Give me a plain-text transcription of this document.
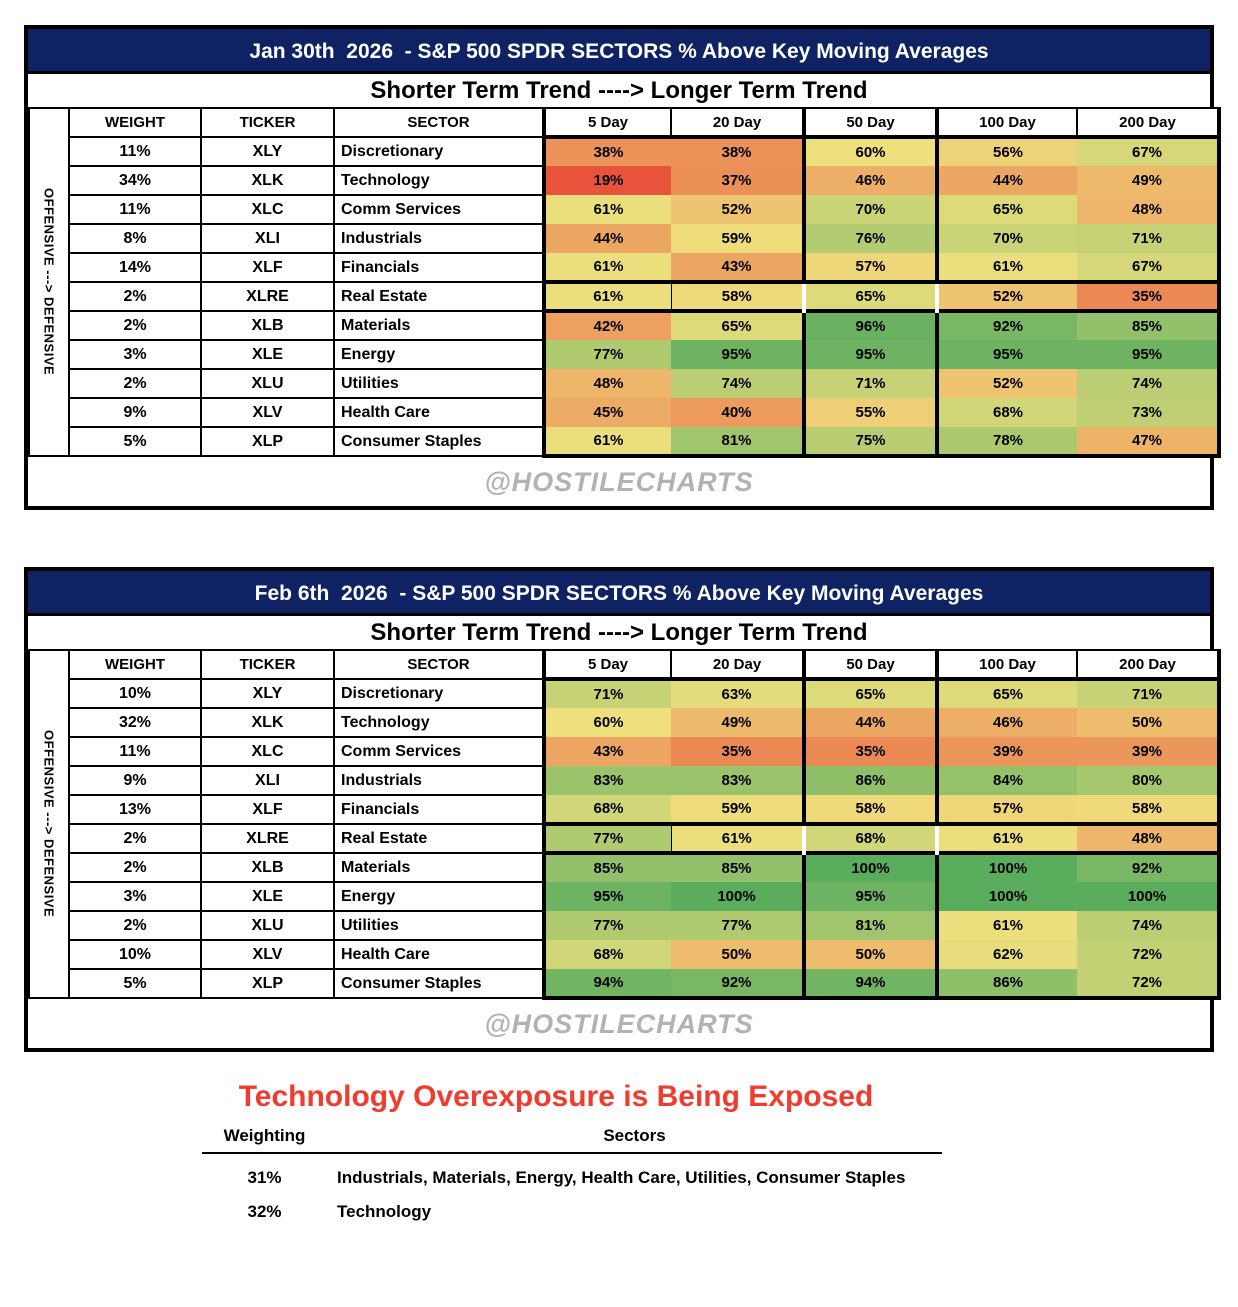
Jan 30th  2026  - S&P 500 SPDR SECTORS % Above Key Moving Averages
Shorter Term Trend ----> Longer Term Trend
OFFENSIVE ---> DEFENSIVE	WEIGHT	TICKER	SECTOR	5 Day	20 Day	50 Day	100 Day	200 Day
	11%	XLY	Discretionary	38%	38%	60%	56%	67%
	34%	XLK	Technology	19%	37%	46%	44%	49%
	11%	XLC	Comm Services	61%	52%	70%	65%	48%
	8%	XLI	Industrials	44%	59%	76%	70%	71%
	14%	XLF	Financials	61%	43%	57%	61%	67%
	2%	XLRE	Real Estate	61%	58%	65%	52%	35%
	2%	XLB	Materials	42%	65%	96%	92%	85%
	3%	XLE	Energy	77%	95%	95%	95%	95%
	2%	XLU	Utilities	48%	74%	71%	52%	74%
	9%	XLV	Health Care	45%	40%	55%	68%	73%
	5%	XLP	Consumer Staples	61%	81%	75%	78%	47%
@HOSTILECHARTS
Feb 6th  2026  - S&P 500 SPDR SECTORS % Above Key Moving Averages
Shorter Term Trend ----> Longer Term Trend
OFFENSIVE ---> DEFENSIVE	WEIGHT	TICKER	SECTOR	5 Day	20 Day	50 Day	100 Day	200 Day
	10%	XLY	Discretionary	71%	63%	65%	65%	71%
	32%	XLK	Technology	60%	49%	44%	46%	50%
	11%	XLC	Comm Services	43%	35%	35%	39%	39%
	9%	XLI	Industrials	83%	83%	86%	84%	80%
	13%	XLF	Financials	68%	59%	58%	57%	58%
	2%	XLRE	Real Estate	77%	61%	68%	61%	48%
	2%	XLB	Materials	85%	85%	100%	100%	92%
	3%	XLE	Energy	95%	100%	95%	100%	100%
	2%	XLU	Utilities	77%	77%	81%	61%	74%
	10%	XLV	Health Care	68%	50%	50%	62%	72%
	5%	XLP	Consumer Staples	94%	92%	94%	86%	72%
@HOSTILECHARTS
Technology Overexposure is Being Exposed
Weighting	Sectors
31%	Industrials, Materials, Energy, Health Care, Utilities, Consumer Staples
32%	Technology
